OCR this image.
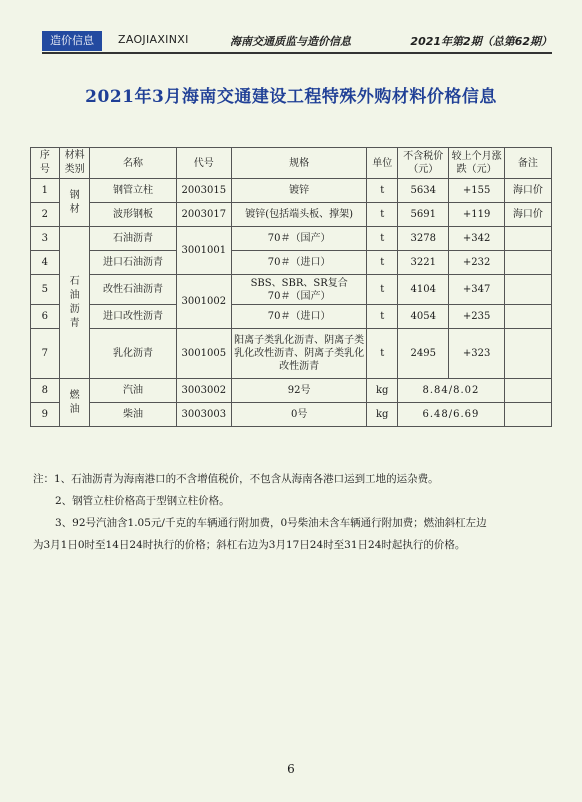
造价信息	ZAOJIAXINXI	海南交通质监与造价信息	2021年第2期（总第62期）
2021年3月海南交通建设工程特殊外购材料价格信息
序号	材料类别	名称	代号	规格	单位	不含税价（元）	较上个月涨跌（元）	备注
1	钢材	钢管立柱	2003015	镀锌	t	5634	+155	海口价
2		波形钢板	2003017	镀锌(包括端头板、撑架)	t	5691	+119	海口价
3	石油沥青	石油沥青	3001001	70＃（国产）	t	3278	+342	
4		进口石油沥青		70＃（进口）	t	3221	+232	
5		改性石油沥青	3001002	SBS、SBR、SR复合
70＃（国产）	t	4104	+347	
6		进口改性沥青		70＃（进口）	t	4054	+235	
7		乳化沥青	3001005	阳离子类乳化沥青、阴离子类乳化改性沥青、阴离子类乳化改性沥青	t	2495	+323	
8	燃油	汽油	3003002	92号	kg	8.84/8.02		
9		柴油	3003003	0号	kg	6.48/6.69		

注：1、石油沥青为海南港口的不含增值税价，不包含从海南各港口运到工地的运杂费。

2、钢管立柱价格高于型钢立柱价格。

3、92号汽油含1.05元/千克的车辆通行附加费，0号柴油未含车辆通行附加费；燃油斜杠左边

为3月1日0时至14日24时执行的价格；斜杠右边为3月17日24时至31日24时起执行的价格。

6
